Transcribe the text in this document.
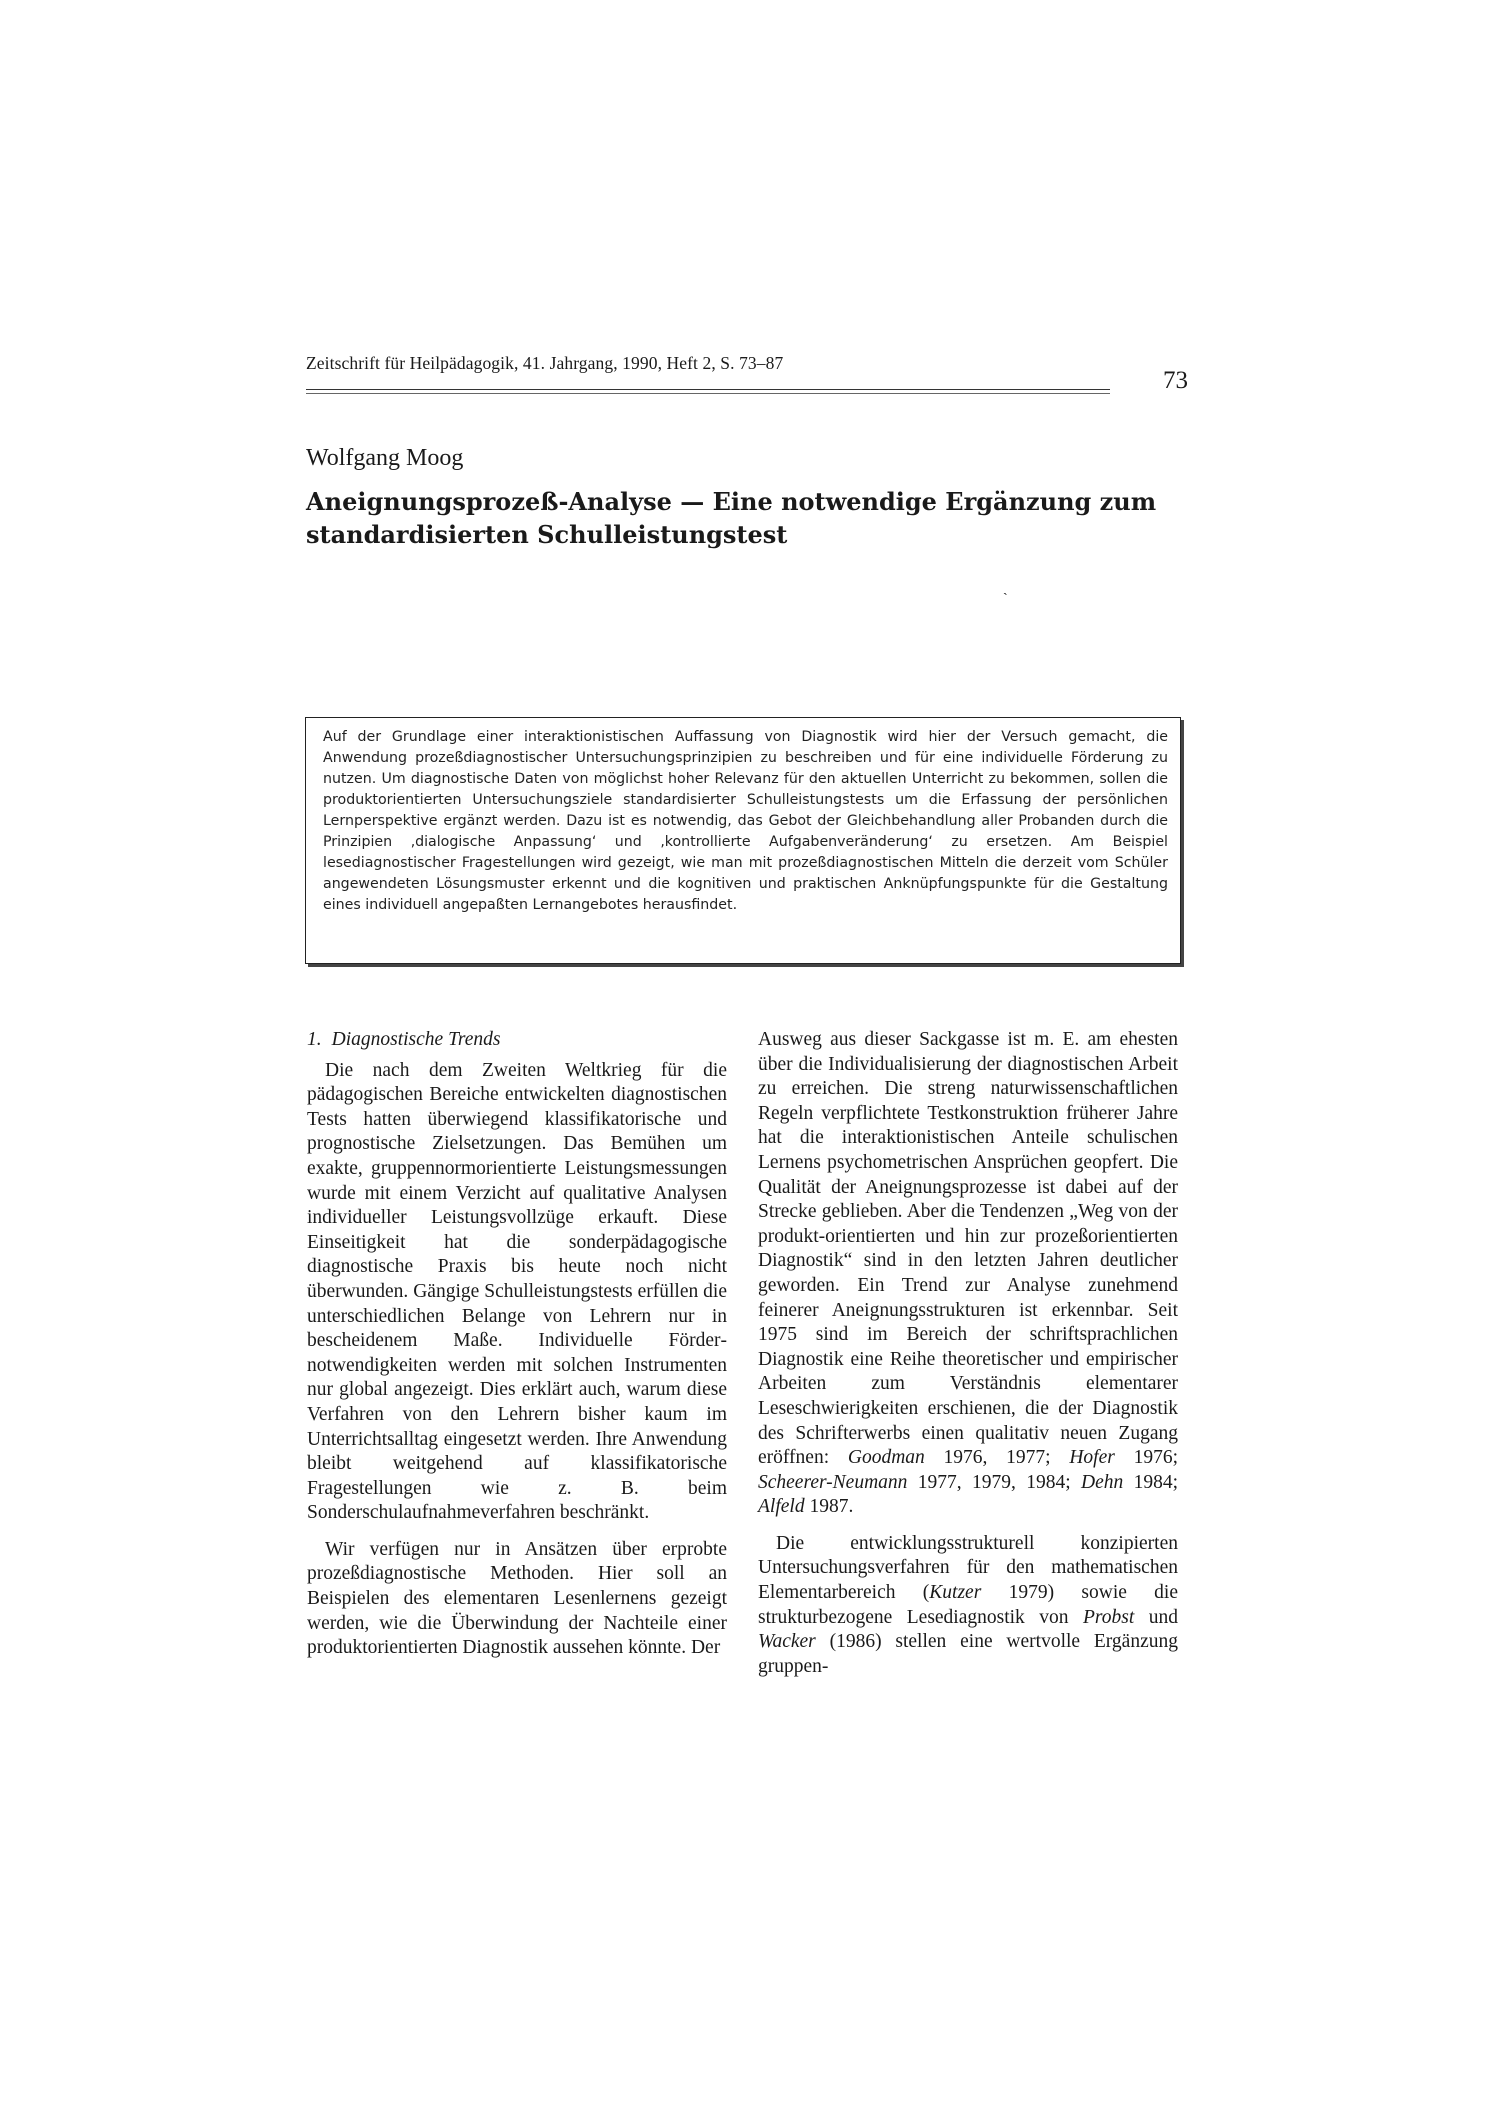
Zeitschrift für Heilpädagogik, 41. Jahrgang, 1990, Heft 2, S. 73–87
73
Wolfgang Moog
Aneignungsprozeß-Analyse — Eine notwendige Ergänzung zum
standardisierten Schulleistungstest
ˎ

Auf der Grundlage einer interaktionistischen Auffassung von Diagnostik wird hier der Versuch gemacht, die Anwendung prozeßdiagnostischer Untersuchungsprinzipien zu beschreiben und für eine individuelle Förderung zu nutzen. Um diagnostische Daten von möglichst hoher Relevanz für den aktuellen Unterricht zu bekommen, sollen die produktorientierten Untersuchungsziele standardisierter Schulleistungstests um die Erfassung der persönlichen Lernperspektive ergänzt werden. Dazu ist es notwendig, das Gebot der Gleichbehandlung aller Probanden durch die Prinzipien ‚dialogische Anpassung‘ und ‚kontrollierte Aufgabenveränderung‘ zu ersetzen. Am Beispiel lesediagnostischer Fragestellungen wird gezeigt, wie man mit prozeßdiagnostischen Mitteln die derzeit vom Schüler angewendeten Lösungsmuster erkennt und die kognitiven und praktischen Anknüpfungspunkte für die Gestaltung eines individuell angepaßten Lernangebotes herausfindet.

1. Diagnostische Trends

Die nach dem Zweiten Weltkrieg für die pädagogischen Bereiche entwickelten diagnostischen Tests hatten überwiegend klassifikatorische und prognostische Zielsetzungen. Das Bemühen um exakte, gruppennormorientierte Leistungsmessungen wurde mit einem Verzicht auf qualitative Analysen individueller Leistungsvollzüge erkauft. Diese Einseitigkeit hat die sonderpädagogische diagnostische Praxis bis heute noch nicht überwunden. Gängige Schulleistungstests erfüllen die unterschiedlichen Belange von Lehrern nur in bescheidenem Maße. Individuelle Fördernotwendigkeiten werden mit solchen Instrumenten nur global angezeigt. Dies erklärt auch, warum diese Verfahren von den Lehrern bisher kaum im Unterrichtsalltag eingesetzt werden. Ihre Anwendung bleibt weitgehend auf klassifikatorische Fragestellungen wie z. B. beim Sonderschulaufnahmeverfahren beschränkt.

Wir verfügen nur in Ansätzen über erprobte prozeßdiagnostische Methoden. Hier soll an Beispielen des elementaren Lesenlernens gezeigt werden, wie die Überwindung der Nachteile einer produktorientierten Diagnostik aussehen könnte. Der

Ausweg aus dieser Sackgasse ist m. E. am ehesten über die Individualisierung der diagnostischen Arbeit zu erreichen. Die streng naturwissenschaftlichen Regeln verpflichtete Testkonstruktion früherer Jahre hat die interaktionistischen Anteile schulischen Lernens psychometrischen Ansprüchen geopfert. Die Qualität der Aneignungsprozesse ist dabei auf der Strecke geblieben. Aber die Tendenzen „Weg von der produkt-orientierten und hin zur prozeßorientierten Diagnostik“ sind in den letzten Jahren deutlicher geworden. Ein Trend zur Analyse zunehmend feinerer Aneignungsstrukturen ist erkennbar. Seit 1975 sind im Bereich der schriftsprachlichen Diagnostik eine Reihe theoretischer und empirischer Arbeiten zum Verständnis elementarer Leseschwierigkeiten erschienen, die der Diagnostik des Schrifterwerbs einen qualitativ neuen Zugang eröffnen: Goodman 1976, 1977; Hofer 1976; Scheerer-Neumann 1977, 1979, 1984; Dehn 1984; Alfeld 1987.

Die entwicklungsstrukturell konzipierten Untersuchungsverfahren für den mathematischen Elementarbereich (Kutzer 1979) sowie die strukturbezogene Lesediagnostik von Probst und Wacker (1986) stellen eine wertvolle Ergänzung gruppen-
